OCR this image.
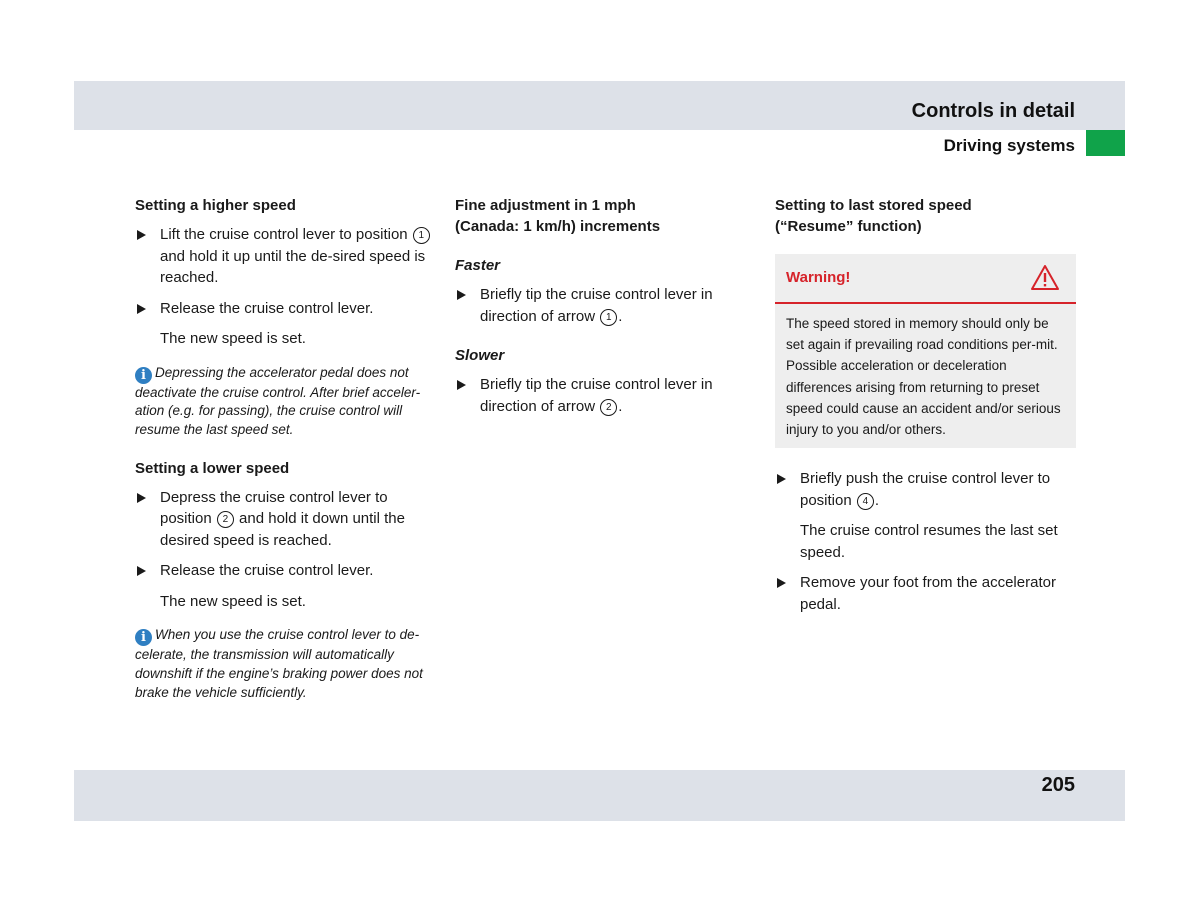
Controls in detail
Driving systems
Setting a higher speed
Lift the cruise control lever to position 1 and hold it up until the de-sired speed is reached.
Release the cruise control lever.
The new speed is set.
i Depressing the accelerator pedal does not deactivate the cruise control. After brief acceler-ation (e.g. for passing), the cruise control will resume the last speed set.
Setting a lower speed
Depress the cruise control lever to position 2 and hold it down until the desired speed is reached.
Release the cruise control lever.
The new speed is set.
i When you use the cruise control lever to de-celerate, the transmission will automatically downshift if the engine’s braking power does not brake the vehicle sufficiently.
Fine adjustment in 1 mph
(Canada: 1 km/h) increments
Faster
Briefly tip the cruise control lever in direction of arrow 1 .
Slower
Briefly tip the cruise control lever in direction of arrow 2 .
Setting to last stored speed
(“Resume” function)
Warning!
The speed stored in memory should only be set again if prevailing road conditions per-mit. Possible acceleration or deceleration differences arising from returning to preset speed could cause an accident and/or serious injury to you and/or others.
Briefly push the cruise control lever to position 4 .
The cruise control resumes the last set speed.
Remove your foot from the accelerator pedal.
205
